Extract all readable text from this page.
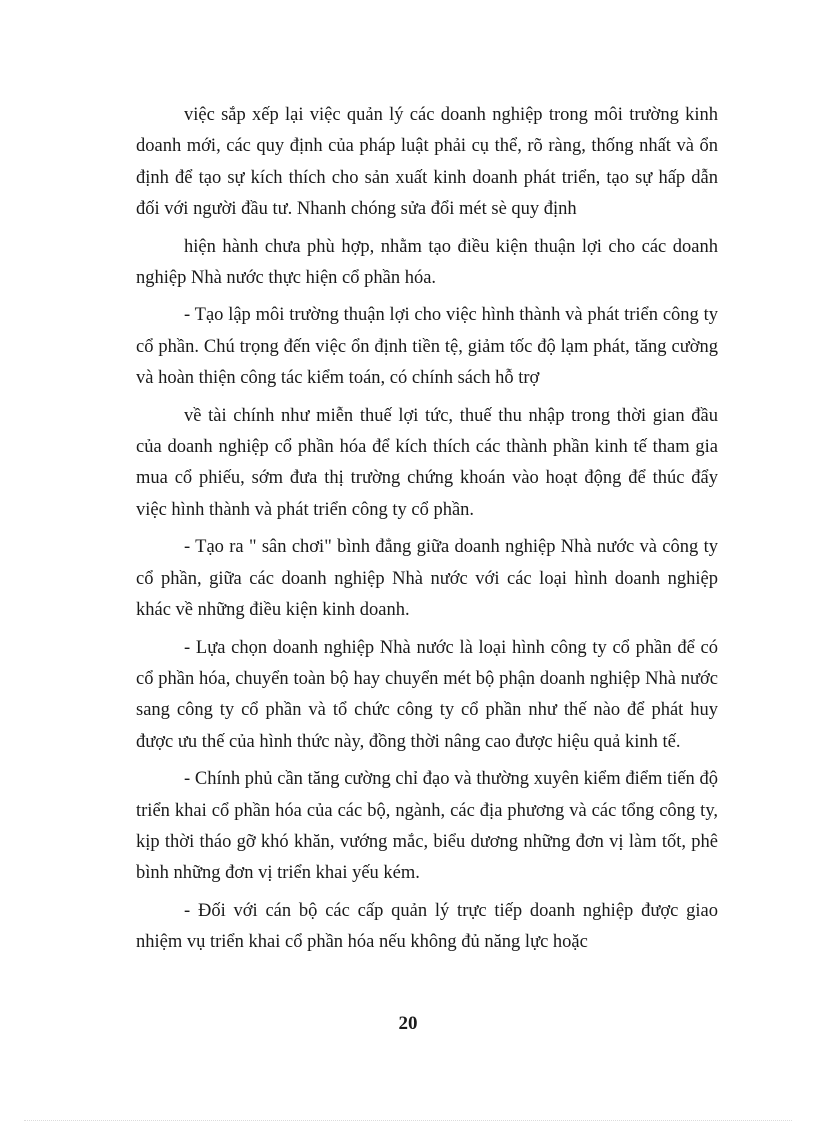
việc sắp xếp lại việc quản lý các doanh nghiệp trong môi trường kinh doanh mới, các quy định của pháp luật phải cụ thể, rõ ràng, thống nhất và ổn định để tạo sự kích thích cho sản xuất kinh doanh phát triển, tạo sự hấp dẫn đối với người đầu tư. Nhanh chóng sửa đổi mét sè quy định

hiện hành chưa phù hợp, nhằm tạo điều kiện thuận lợi cho các doanh nghiệp Nhà nước thực hiện cổ phần hóa.

- Tạo lập môi trường thuận lợi cho việc hình thành và phát triển công ty cổ phần. Chú trọng đến việc ổn định tiền tệ, giảm tốc độ lạm phát, tăng cường và hoàn thiện công tác kiểm toán, có chính sách hỗ trợ

về tài chính như miễn thuế lợi tức, thuế thu nhập trong thời gian đầu của doanh nghiệp cổ phần hóa để kích thích các thành phần kinh tế tham gia mua cổ phiếu, sớm đưa thị trường chứng khoán vào hoạt động để thúc đẩy việc hình thành và phát triển công ty cổ phần.

- Tạo ra " sân chơi" bình đẳng giữa doanh nghiệp Nhà nước và công ty cổ phần, giữa các doanh nghiệp Nhà nước với các loại hình doanh nghiệp khác về những điều kiện kinh doanh.

- Lựa chọn doanh nghiệp Nhà nước là loại hình công ty cổ phần để có cổ phần hóa, chuyển toàn bộ hay chuyển mét bộ phận doanh nghiệp Nhà nước sang công ty cổ phần và tổ chức công ty cổ phần như thế nào để phát huy được ưu thế của hình thức này, đồng thời nâng cao được hiệu quả kinh tế.

- Chính phủ cần tăng cường chỉ đạo và thường xuyên kiểm điểm tiến độ triển khai cổ phần hóa của các bộ, ngành, các địa phương và các tổng công ty, kịp thời tháo gỡ khó khăn, vướng mắc, biểu dương những đơn vị làm tốt, phê bình những đơn vị triển khai yếu kém.

- Đối với cán bộ các cấp quản lý trực tiếp doanh nghiệp được giao nhiệm vụ triển khai cổ phần hóa nếu không đủ năng lực hoặc

20
